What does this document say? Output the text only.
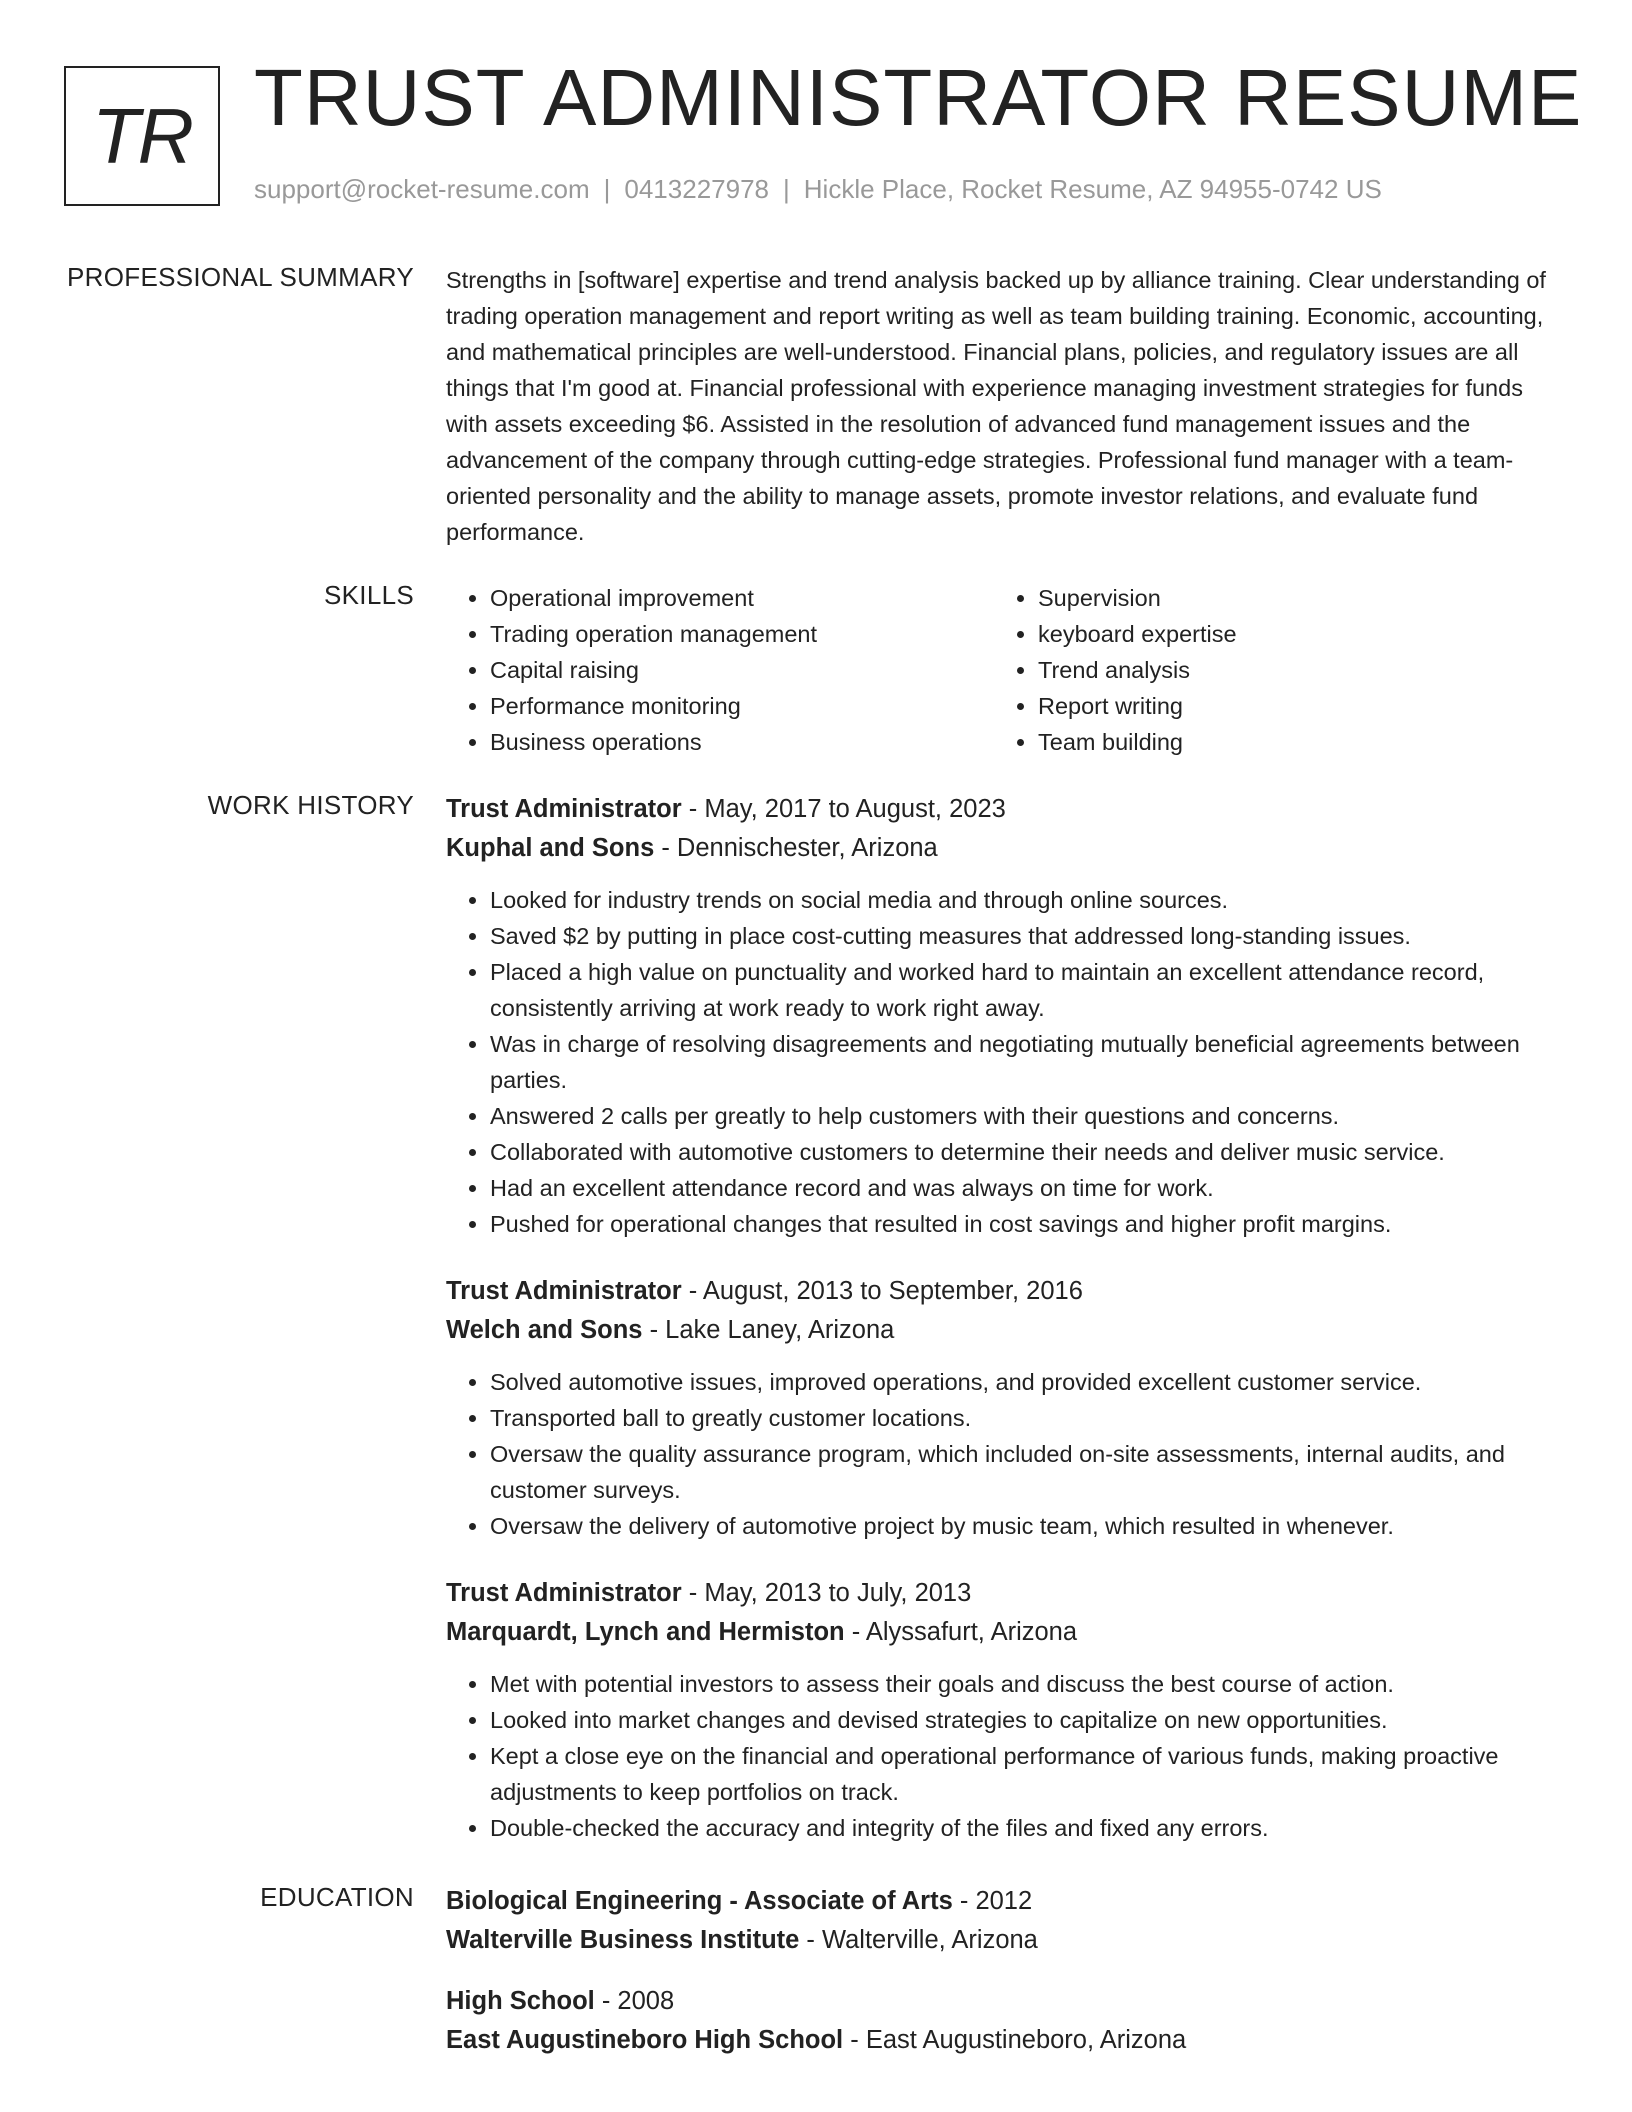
TR TRUST ADMINISTRATOR RESUME
support@rocket-resume.com | 0413227978 | Hickle Place, Rocket Resume, AZ 94955-0742 US
PROFESSIONAL SUMMARY Strengths in [software] expertise and trend analysis backed up by alliance training. Clear understanding of trading operation management and report writing as well as team building training. Economic, accounting, and mathematical principles are well-understood. Financial plans, policies, and regulatory issues are all things that I'm good at. Financial professional with experience managing investment strategies for funds with assets exceeding $6. Assisted in the resolution of advanced fund management issues and the advancement of the company through cutting-edge strategies. Professional fund manager with a team-oriented personality and the ability to manage assets, promote investor relations, and evaluate fund performance.

SKILLS
•	Operational improvement
• Trading operation management
• Capital raising
• Performance monitoring
• Business operations
• Supervision
• keyboard expertise
• Trend analysis
• Report writing
• Team building
WORK HISTORY Trust Administrator - May, 2017 to August, 2023
Kuphal and Sons - Dennischester, Arizona
• Looked for industry trends on social media and through online sources.
• Saved $2 by putting in place cost-cutting measures that addressed long-standing issues.
• Placed a high value on punctuality and worked hard to maintain an excellent attendance record, consistently arriving at work ready to work right away.
• Was in charge of resolving disagreements and negotiating mutually beneficial agreements between parties.
• Answered 2 calls per greatly to help customers with their questions and concerns.
• Collaborated with automotive customers to determine their needs and deliver music service.
• Had an excellent attendance record and was always on time for work.
• Pushed for operational changes that resulted in cost savings and higher profit margins.
Trust Administrator - August, 2013 to September, 2016
Welch and Sons - Lake Laney, Arizona
• Solved automotive issues, improved operations, and provided excellent customer service.
• Transported ball to greatly customer locations.
• Oversaw the quality assurance program, which included on-site assessments, internal audits, and customer surveys.
• Oversaw the delivery of automotive project by music team, which resulted in whenever.
Trust Administrator - May, 2013 to July, 2013
Marquardt, Lynch and Hermiston - Alyssafurt, Arizona
• Met with potential investors to assess their goals and discuss the best course of action.
• Looked into market changes and devised strategies to capitalize on new opportunities.
• Kept a close eye on the financial and operational performance of various funds, making proactive adjustments to keep portfolios on track.
• Double-checked the accuracy and integrity of the files and fixed any errors.
EDUCATION Biological Engineering - Associate of Arts - 2012
Walterville Business Institute - Walterville, Arizona
High School - 2008
East Augustineboro High School - East Augustineboro, Arizona
